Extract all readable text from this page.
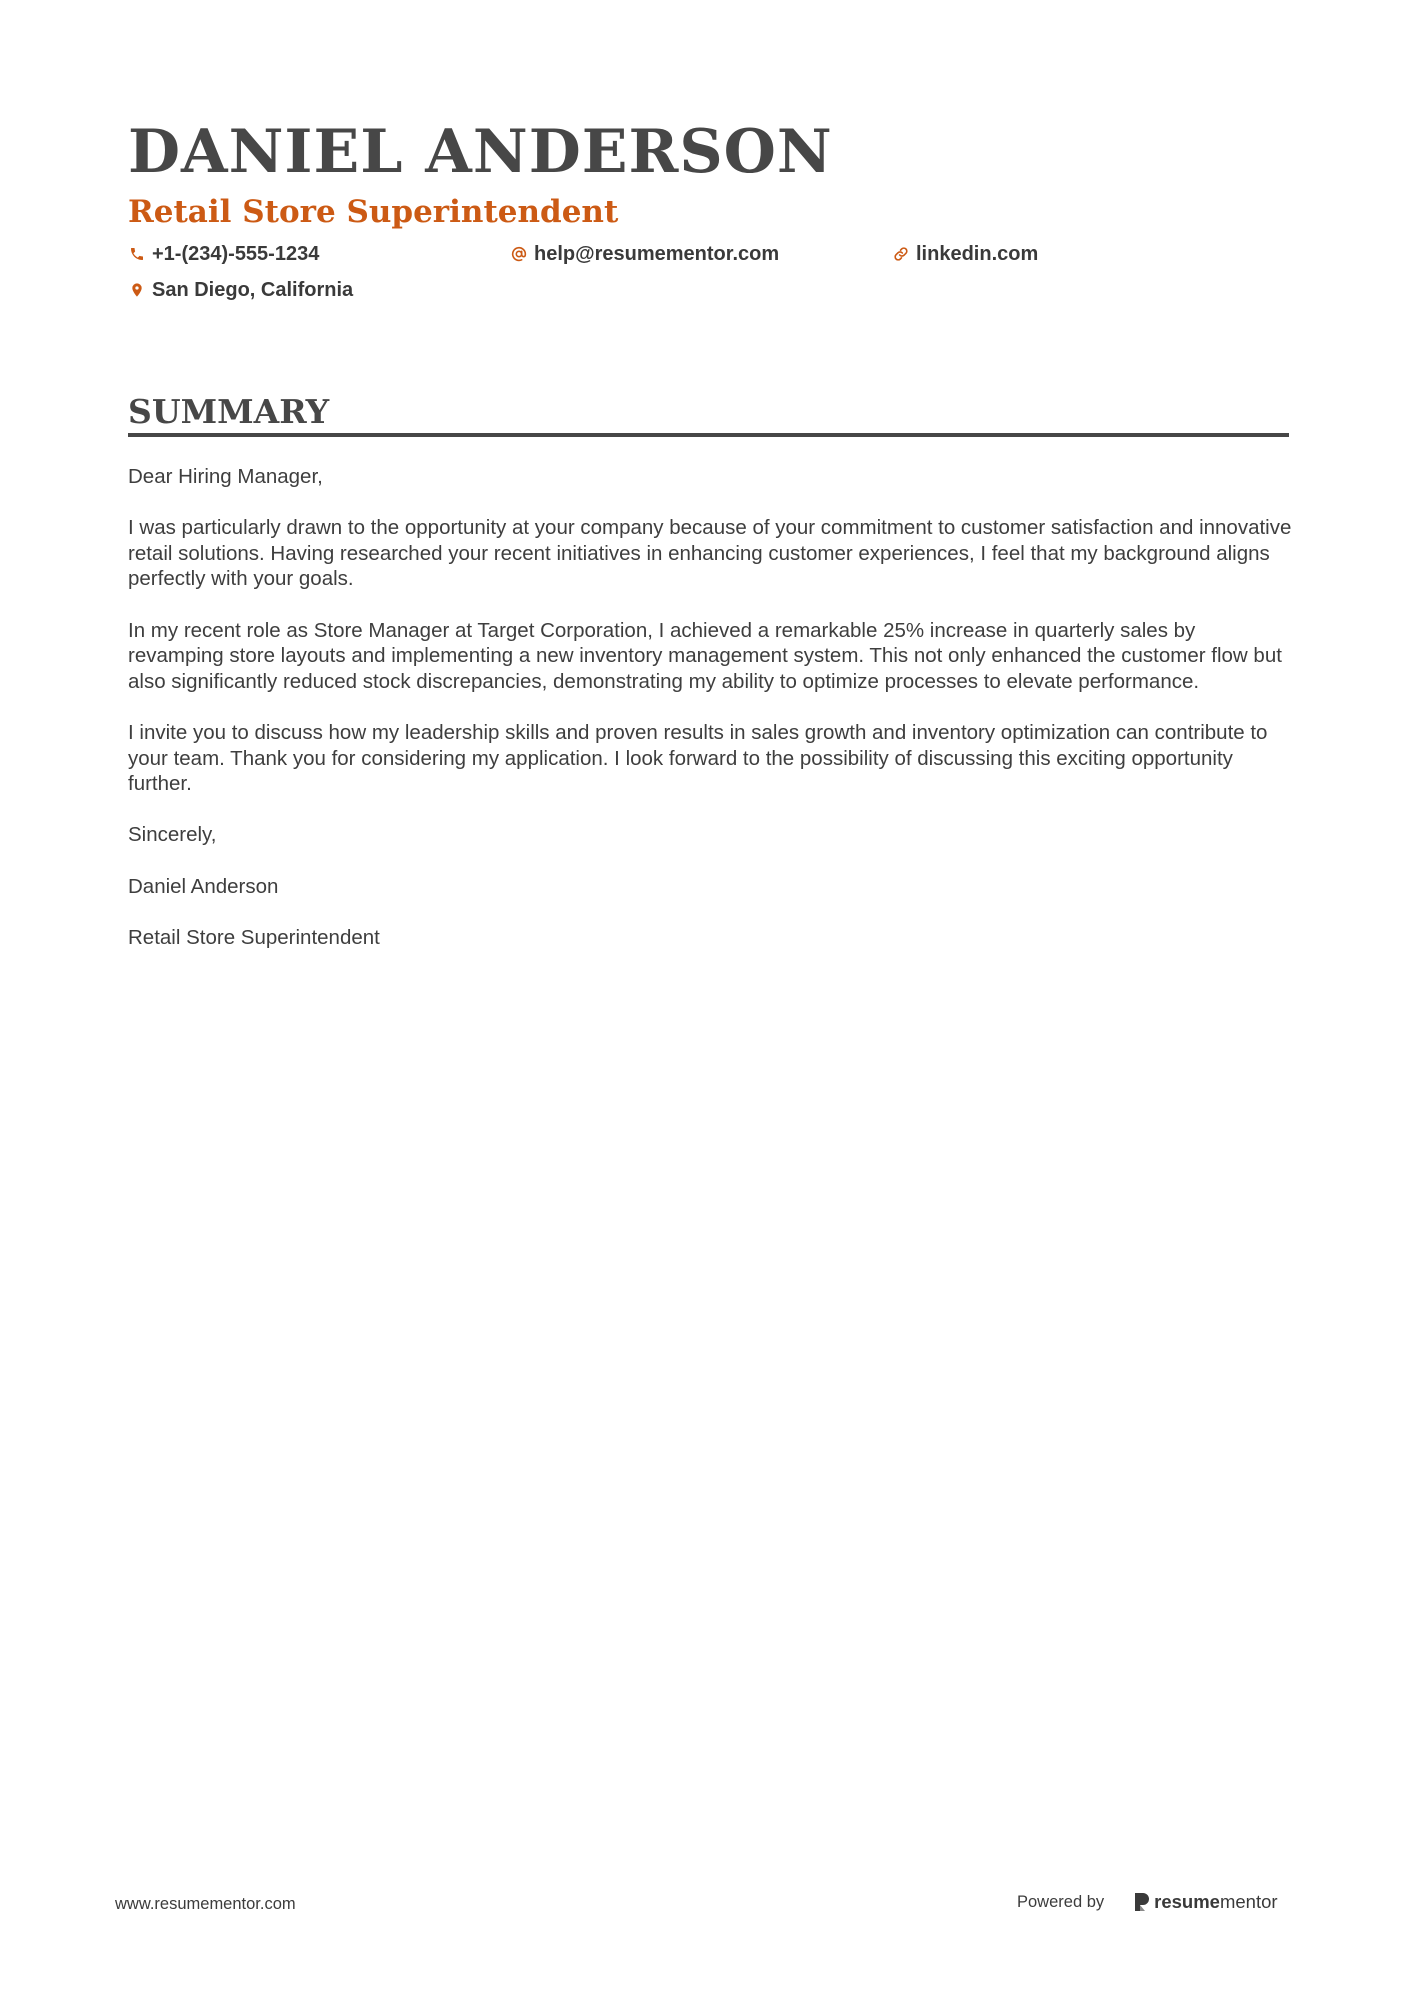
DANIEL ANDERSON
Retail Store Superintendent
+1-(234)-555-1234	help@resumementor.com	linkedin.com
San Diego, California
SUMMARY

Dear Hiring Manager,

I was particularly drawn to the opportunity at your company because of your commitment to customer satisfaction and innovative retail solutions. Having researched your recent initiatives in enhancing customer experiences, I feel that my background aligns perfectly with your goals.

In my recent role as Store Manager at Target Corporation, I achieved a remarkable 25% increase in quarterly sales by revamping store layouts and implementing a new inventory management system. This not only enhanced the customer flow but also significantly reduced stock discrepancies, demonstrating my ability to optimize processes to elevate performance.

I invite you to discuss how my leadership skills and proven results in sales growth and inventory optimization can contribute to your team. Thank you for considering my application. I look forward to the possibility of discussing this exciting opportunity further.

Sincerely,

Daniel Anderson

Retail Store Superintendent

www.resumementor.com	Powered by	resume mentor
